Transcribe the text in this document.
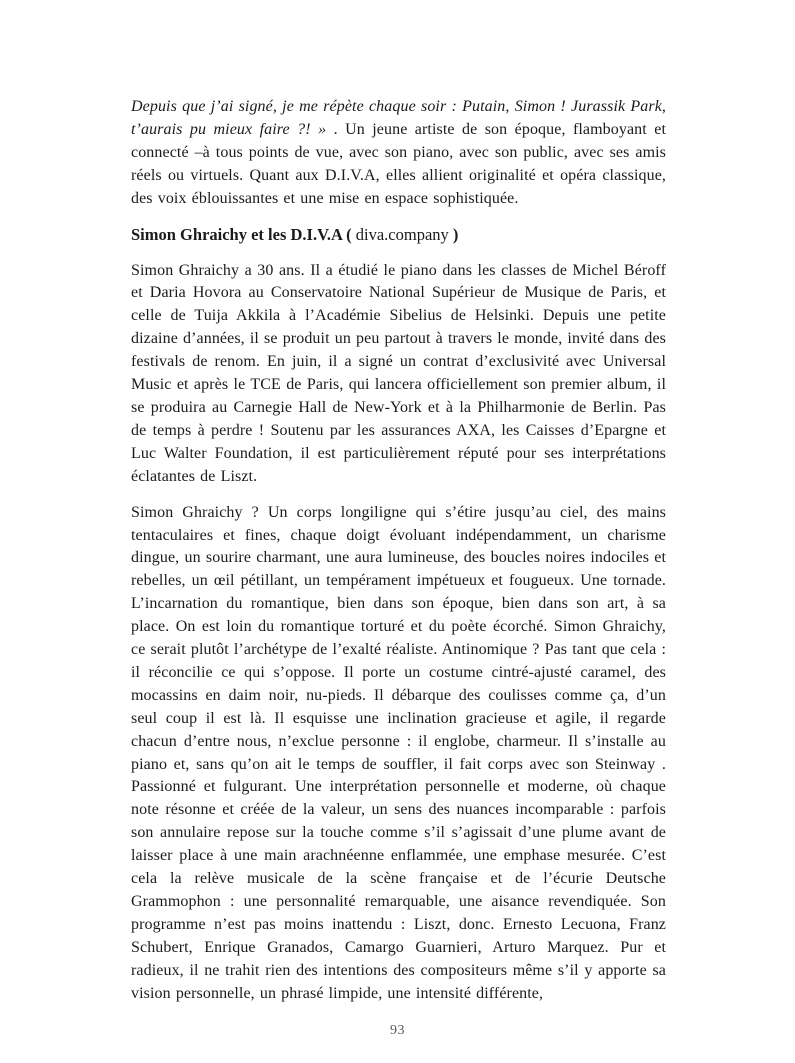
Depuis que j’ai signé, je me répète chaque soir : Putain, Simon ! Jurassik Park, t’aurais pu mieux faire ?! » . Un jeune artiste de son époque, flamboyant et connecté –à tous points de vue, avec son piano, avec son public, avec ses amis réels ou virtuels. Quant aux D.I.V.A, elles allient originalité et opéra classique, des voix éblouissantes et une mise en espace sophistiquée.

Simon Ghraichy et les D.I.V.A ( diva.company )

Simon Ghraichy a 30 ans. Il a étudié le piano dans les classes de Michel Béroff et Daria Hovora au Conservatoire National Supérieur de Musique de Paris, et celle de Tuija Akkila à l’Académie Sibelius de Helsinki. Depuis une petite dizaine d’années, il se produit un peu partout à travers le monde, invité dans des festivals de renom. En juin, il a signé un contrat d’exclusivité avec Universal Music et après le TCE de Paris, qui lancera officiellement son premier album, il se produira au Carnegie Hall de New-York et à la Philharmonie de Berlin. Pas de temps à perdre ! Soutenu par les assurances AXA, les Caisses d’Epargne et Luc Walter Foundation, il est particulièrement réputé pour ses interprétations éclatantes de Liszt.

Simon Ghraichy ? Un corps longiligne qui s’étire jusqu’au ciel, des mains tentaculaires et fines, chaque doigt évoluant indépendamment, un charisme dingue, un sourire charmant, une aura lumineuse, des boucles noires indociles et rebelles, un œil pétillant, un tempérament impétueux et fougueux. Une tornade. L’incarnation du romantique, bien dans son époque, bien dans son art, à sa place. On est loin du romantique torturé et du poète écorché. Simon Ghraichy, ce serait plutôt l’archétype de l’exalté réaliste. Antinomique ? Pas tant que cela : il réconcilie ce qui s’oppose. Il porte un costume cintré-ajusté caramel, des mocassins en daim noir, nu-pieds. Il débarque des coulisses comme ça, d’un seul coup il est là. Il esquisse une inclination gracieuse et agile, il regarde chacun d’entre nous, n’exclue personne : il englobe, charmeur. Il s’installe au piano et, sans qu’on ait le temps de souffler, il fait corps avec son Steinway . Passionné et fulgurant. Une interprétation personnelle et moderne, où chaque note résonne et créée de la valeur, un sens des nuances incomparable : parfois son annulaire repose sur la touche comme s’il s’agissait d’une plume avant de laisser place à une main arachnéenne enflammée, une emphase mesurée. C’est cela la relève musicale de la scène française et de l’écurie Deutsche Grammophon : une personnalité remarquable, une aisance revendiquée. Son programme n’est pas moins inattendu : Liszt, donc. Ernesto Lecuona, Franz Schubert, Enrique Granados, Camargo Guarnieri, Arturo Marquez. Pur et radieux, il ne trahit rien des intentions des compositeurs même s’il y apporte sa vision personnelle, un phrasé limpide, une intensité différente,

93
